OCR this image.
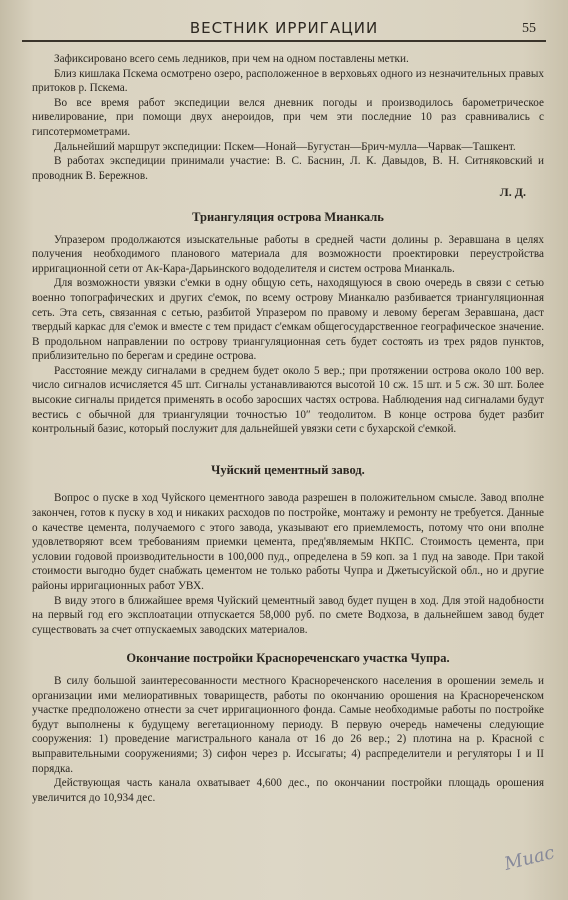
ВЕСТНИК ИРРИГАЦИИ	55

Зафиксировано всего семь ледников, при чем на одном поставлены метки.

Близ кишлака Пскема осмотрено озеро, расположенное в верховьях одного из незначительных правых притоков р. Пскема.

Во все время работ экспедиции велся дневник погоды и производилось барометрическое нивелирование, при помощи двух анероидов, при чем эти последние 10 раз сравнивались с гипсотермометрами.

Дальнейший маршрут экспедиции: Пскем—Нонай—Бугустан—Брич-мулла—Чарвак—Ташкент.

В работах экспедиции принимали участие: В. С. Баснин, Л. К. Давыдов, В. Н. Ситняковский и проводник В. Бережнов.

Л. Д.
Триангуляция острова Мианкаль

Упразером продолжаются изыскательные работы в средней части долины р. Зеравшана в целях получения необходимого планового материала для возможности проектировки переустройства ирригационной сети от Ак-Кара-Дарьинского вододелителя и систем острова Мианкаль.

Для возможности увязки с'емки в одну общую сеть, находящуюся в свою очередь в связи с сетью военно топографических и других с'емок, по всему острову Мианкалю разбивается триангуляционная сеть. Эта сеть, связанная с сетью, разбитой Упразером по правому и левому берегам Зеравшана, даст твердый каркас для с'емок и вместе с тем придаст с'емкам общегосударственное географическое значение. В продольном направлении по острову триангуляционная сеть будет состоять из трех рядов пунктов, приблизительно по берегам и средине острова.

Расстояние между сигналами в среднем будет около 5 вер.; при протяжении острова около 100 вер. число сигналов исчисляется 45 шт. Сигналы устанавливаются высотой 10 сж. 15 шт. и 5 сж. 30 шт. Более высокие сигналы придется применять в особо заросших частях острова. Наблюдения над сигналами будут вестись с обычной для триангуляции точностью 10″ теодолитом. В конце острова будет разбит контрольный базис, который послужит для дальнейшей увязки сети с бухарской с'емкой.

Чуйский цементный завод.

Вопрос о пуске в ход Чуйского цементного завода разрешен в положительном смысле. Завод вполне закончен, готов к пуску в ход и никаких расходов по постройке, монтажу и ремонту не требуется. Данные о качестве цемента, получаемого с этого завода, указывают его приемлемость, потому что они вполне удовлетворяют всем требованиям приемки цемента, пред'являемым НКПС. Стоимость цемента, при условии годовой производительности в 100,000 пуд., определена в 59 коп. за 1 пуд на заводе. При такой стоимости выгодно будет снабжать цементом не только работы Чупра и Джетысуйской обл., но и другие районы ирригационных работ УВХ.

В виду этого в ближайшее время Чуйский цементный завод будет пущен в ход. Для этой надобности на первый год его эксплоатации отпускается 58,000 руб. по смете Водхоза, в дальнейшем завод будет существовать за счет отпускаемых заводских материалов.

Окончание постройки Краснореченскаго участка Чупра.

В силу большой заинтересованности местного Краснореченского населения в орошении земель и организации ими мелиоративных товариществ, работы по окончанию орошения на Краснореченском участке предположено отнести за счет ирригационного фонда. Самые необходимые работы по постройке будут выполнены к будущему вегетационному периоду. В первую очередь намечены следующие сооружения: 1) проведение магистрального канала от 16 до 26 вер.; 2) плотина на р. Красной с выправительными сооружениями; 3) сифон через р. Иссыгаты; 4) распределители и регуляторы I и II порядка.

Действующая часть канала охватывает 4,600 дес., по окончании постройки площадь орошения увеличится до 10,934 дес.

Muac
